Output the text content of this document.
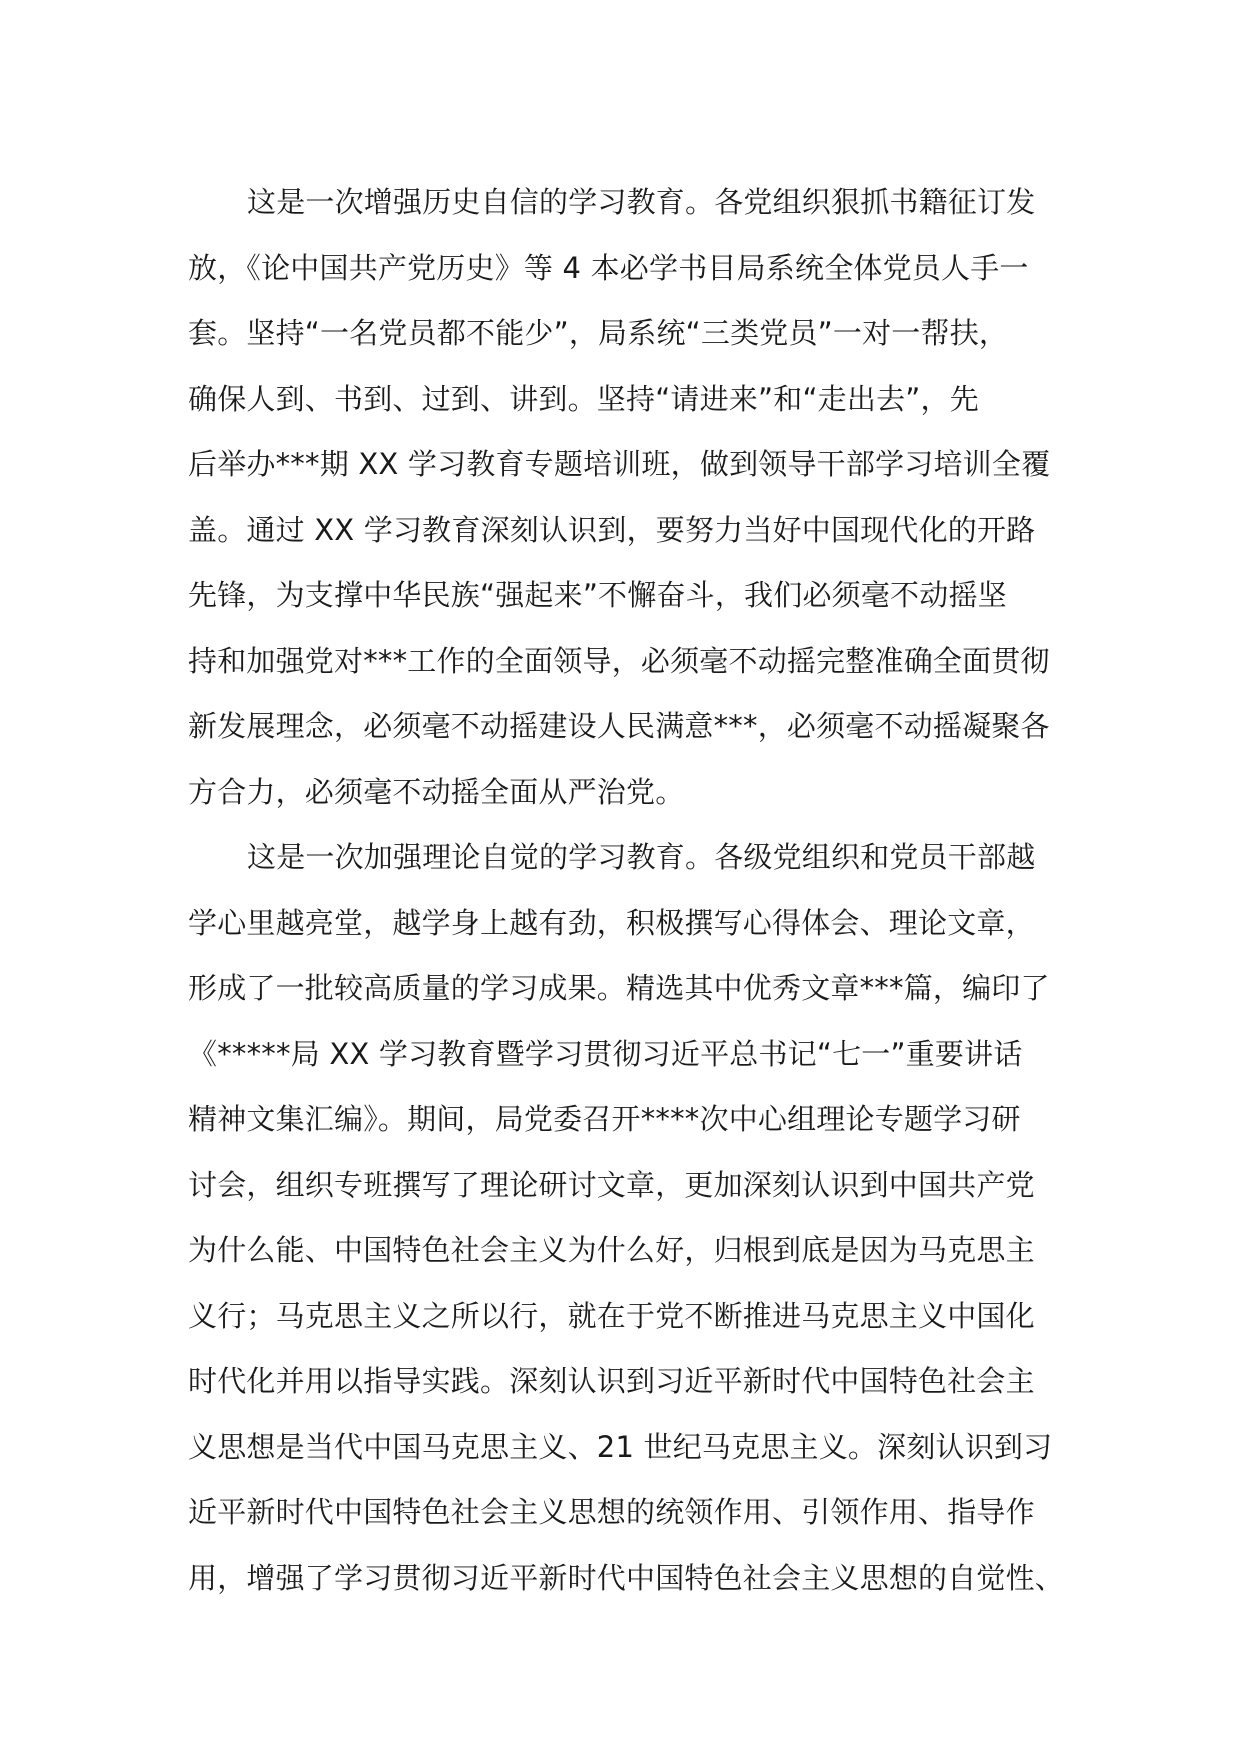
这是一次增强历史自信的学习教育。各党组织狠抓书籍征订发
放，《论中国共产党历史》等 4 本必学书目局系统全体党员人手一
套。坚持“一名党员都不能少”，局系统“三类党员”一对一帮扶，
确保人到、书到、过到、讲到。坚持“请进来”和“走出去”，先
后举办***期 XX 学习教育专题培训班，做到领导干部学习培训全覆
盖。通过 XX 学习教育深刻认识到，要努力当好中国现代化的开路
先锋，为支撑中华民族“强起来”不懈奋斗，我们必须毫不动摇坚
持和加强党对***工作的全面领导，必须毫不动摇完整准确全面贯彻
新发展理念，必须毫不动摇建设人民满意***，必须毫不动摇凝聚各
方合力，必须毫不动摇全面从严治党。
这是一次加强理论自觉的学习教育。各级党组织和党员干部越
学心里越亮堂，越学身上越有劲，积极撰写心得体会、理论文章，
形成了一批较高质量的学习成果。精选其中优秀文章***篇，编印了
《*****局 XX 学习教育暨学习贯彻习近平总书记“七一”重要讲话
精神文集汇编》。期间，局党委召开****次中心组理论专题学习研
讨会，组织专班撰写了理论研讨文章，更加深刻认识到中国共产党
为什么能、中国特色社会主义为什么好，归根到底是因为马克思主
义行；马克思主义之所以行，就在于党不断推进马克思主义中国化
时代化并用以指导实践。深刻认识到习近平新时代中国特色社会主
义思想是当代中国马克思主义、21 世纪马克思主义。深刻认识到习
近平新时代中国特色社会主义思想的统领作用、引领作用、指导作
用，增强了学习贯彻习近平新时代中国特色社会主义思想的自觉性、
